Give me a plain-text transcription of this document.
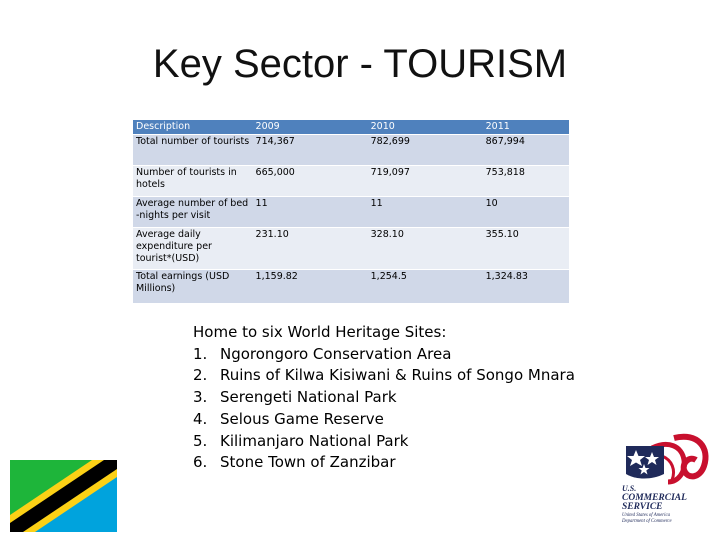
Key Sector - TOURISM
Description	2009	2010	2011
Total number of tourists	714,367	782,699	867,994
Number of tourists in hotels	665,000	719,097	753,818
Average number of bed -nights per visit	11	11	10
Average daily expenditure per tourist*(USD)	231.10	328.10	355.10
Total earnings (USD Millions)	1,159.82	1,254.5	1,324.83

Home to six World Heritage Sites:

1. Ngorongoro Conservation Area
2. Ruins of Kilwa Kisiwani & Ruins of Songo Mnara
3. Serengeti National Park
4. Selous Game Reserve
5. Kilimanjaro National Park
6. Stone Town of Zanzibar
U.S.
COMMERCIAL
SERVICE
United States of America
Department of Commerce
